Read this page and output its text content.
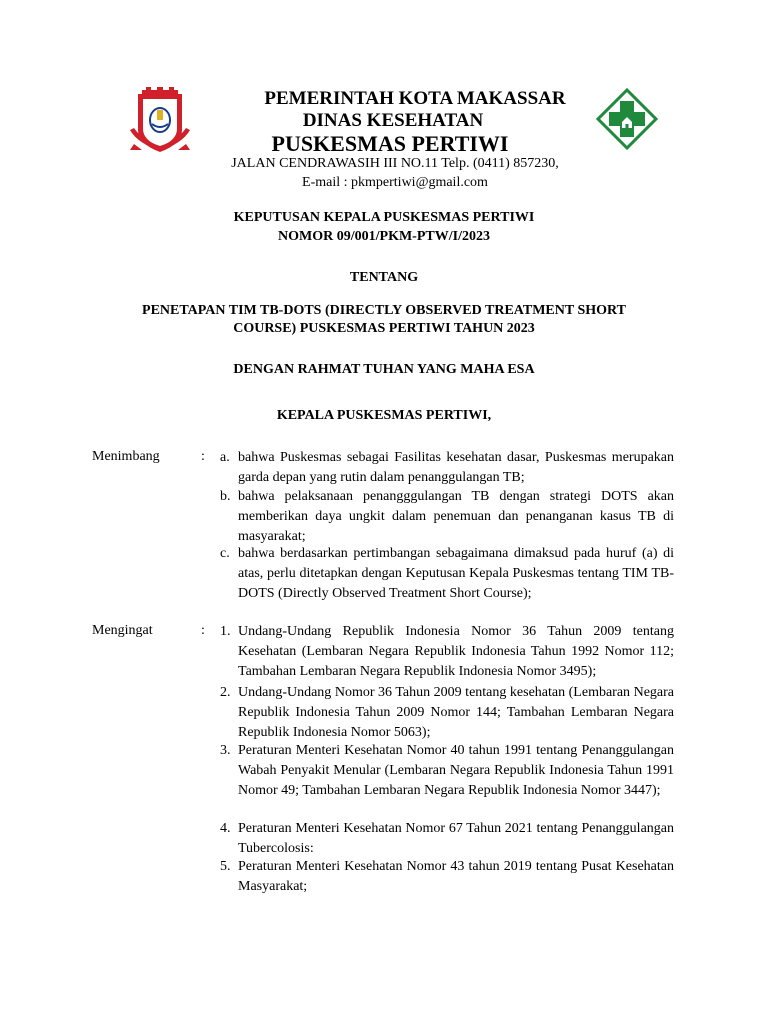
PEMERINTAH KOTA MAKASSAR
DINAS KESEHATAN
PUSKESMAS PERTIWI
JALAN CENDRAWASIH III NO.11 Telp. (0411) 857230,
E-mail : pkmpertiwi@gmail.com
KEPUTUSAN KEPALA PUSKESMAS PERTIWI
NOMOR 09/001/PKM-PTW/I/2023
TENTANG
PENETAPAN TIM TB-DOTS (DIRECTLY OBSERVED TREATMENT SHORT
COURSE) PUSKESMAS PERTIWI TAHUN 2023
DENGAN RAHMAT TUHAN YANG MAHA ESA
KEPALA PUSKESMAS PERTIWI,
Menimbang	: a. bahwa Puskesmas sebagai Fasilitas kesehatan dasar, Puskesmas merupakan garda depan yang rutin dalam penanggulangan TB;
b. bahwa pelaksanaan penangggulangan TB dengan strategi DOTS akan memberikan daya ungkit dalam penemuan dan penanganan kasus TB di masyarakat;
c. bahwa berdasarkan pertimbangan sebagaimana dimaksud pada huruf (a) di atas, perlu ditetapkan dengan Keputusan Kepala Puskesmas tentang TIM TB-DOTS (Directly Observed Treatment Short Course);
Mengingat	: 1. Undang-Undang Republik Indonesia Nomor 36 Tahun 2009 tentang Kesehatan (Lembaran Negara Republik Indonesia Tahun 1992 Nomor 112; Tambahan Lembaran Negara Republik Indonesia Nomor 3495);
2. Undang-Undang Nomor 36 Tahun 2009 tentang kesehatan (Lembaran Negara Republik Indonesia Tahun 2009 Nomor 144; Tambahan Lembaran Negara Republik Indonesia Nomor 5063);
3. Peraturan Menteri Kesehatan Nomor 40 tahun 1991 tentang Penanggulangan Wabah Penyakit Menular (Lembaran Negara Republik Indonesia Tahun 1991 Nomor 49; Tambahan Lembaran Negara Republik Indonesia Nomor 3447);
4. Peraturan Menteri Kesehatan Nomor 67 Tahun 2021 tentang Penanggulangan Tubercolosis:
5. Peraturan Menteri Kesehatan Nomor 43 tahun 2019 tentang Pusat Kesehatan Masyarakat;
